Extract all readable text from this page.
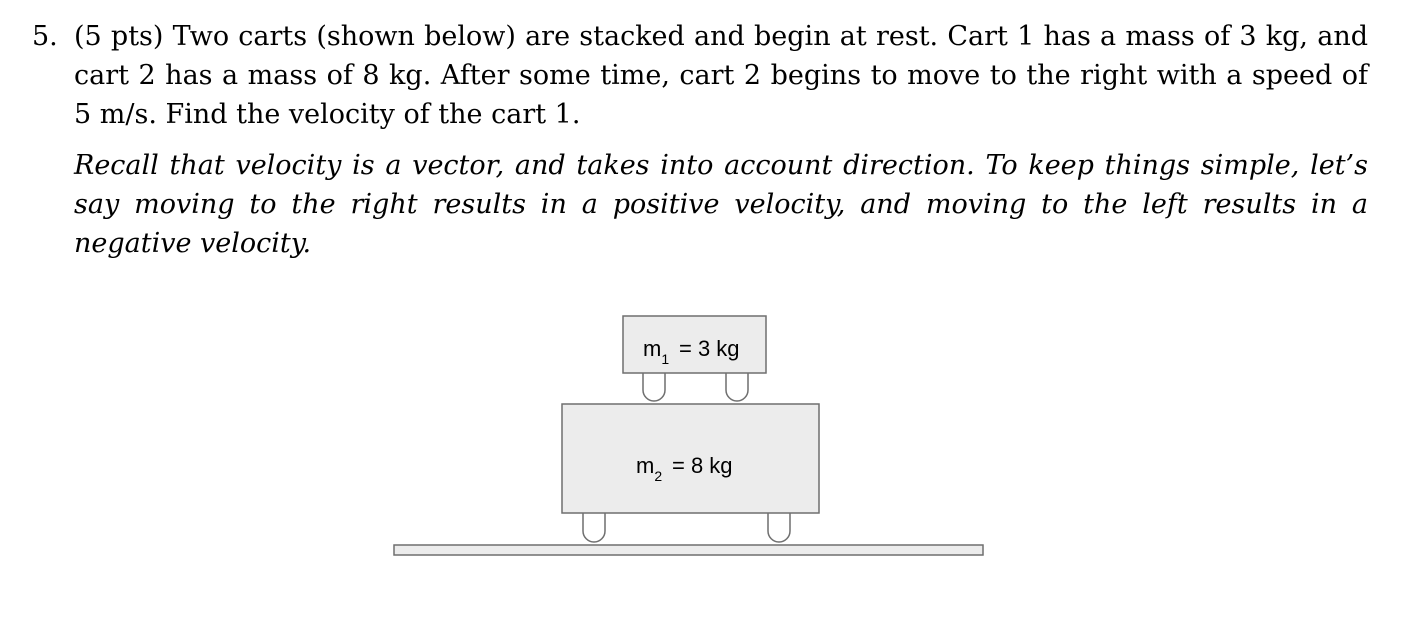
5. (5 pts) Two carts (shown below) are stacked and begin at rest. Cart 1 has a mass of 3 kg, and cart 2 has a mass of 8 kg. After some time, cart 2 begins to move to the right with a speed of 5 m/s. Find the velocity of the cart 1.
Recall that velocity is a vector, and takes into account direction. To keep things simple, let’s say moving to the right results in a positive velocity, and moving to the left results in a negative velocity.
$m_1 = 3$ kg
$m_2 = 8$ kg
